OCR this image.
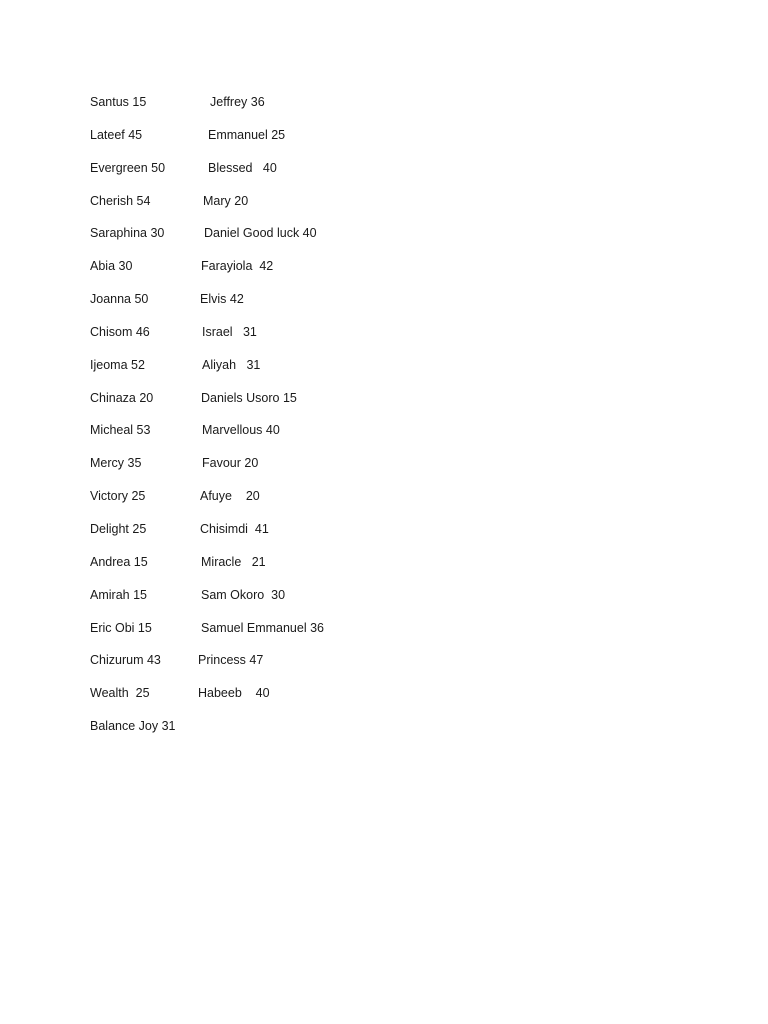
Santus 15	Jeffrey 36
Lateef 45	Emmanuel 25
Evergreen 50	Blessed   40
Cherish 54	Mary 20
Saraphina 30	Daniel Good luck 40
Abia 30	Farayiola  42
Joanna 50	Elvis 42
Chisom 46	Israel   31
Ijeoma 52	Aliyah   31
Chinaza 20	Daniels Usoro 15
Micheal 53	Marvellous 40
Mercy 35	Favour 20
Victory 25	Afuye    20
Delight 25	Chisimdi  41
Andrea 15	Miracle   21
Amirah 15	Sam Okoro  30
Eric Obi 15	Samuel Emmanuel 36
Chizurum 43	Princess 47
Wealth  25	Habeeb    40
Balance Joy 31
